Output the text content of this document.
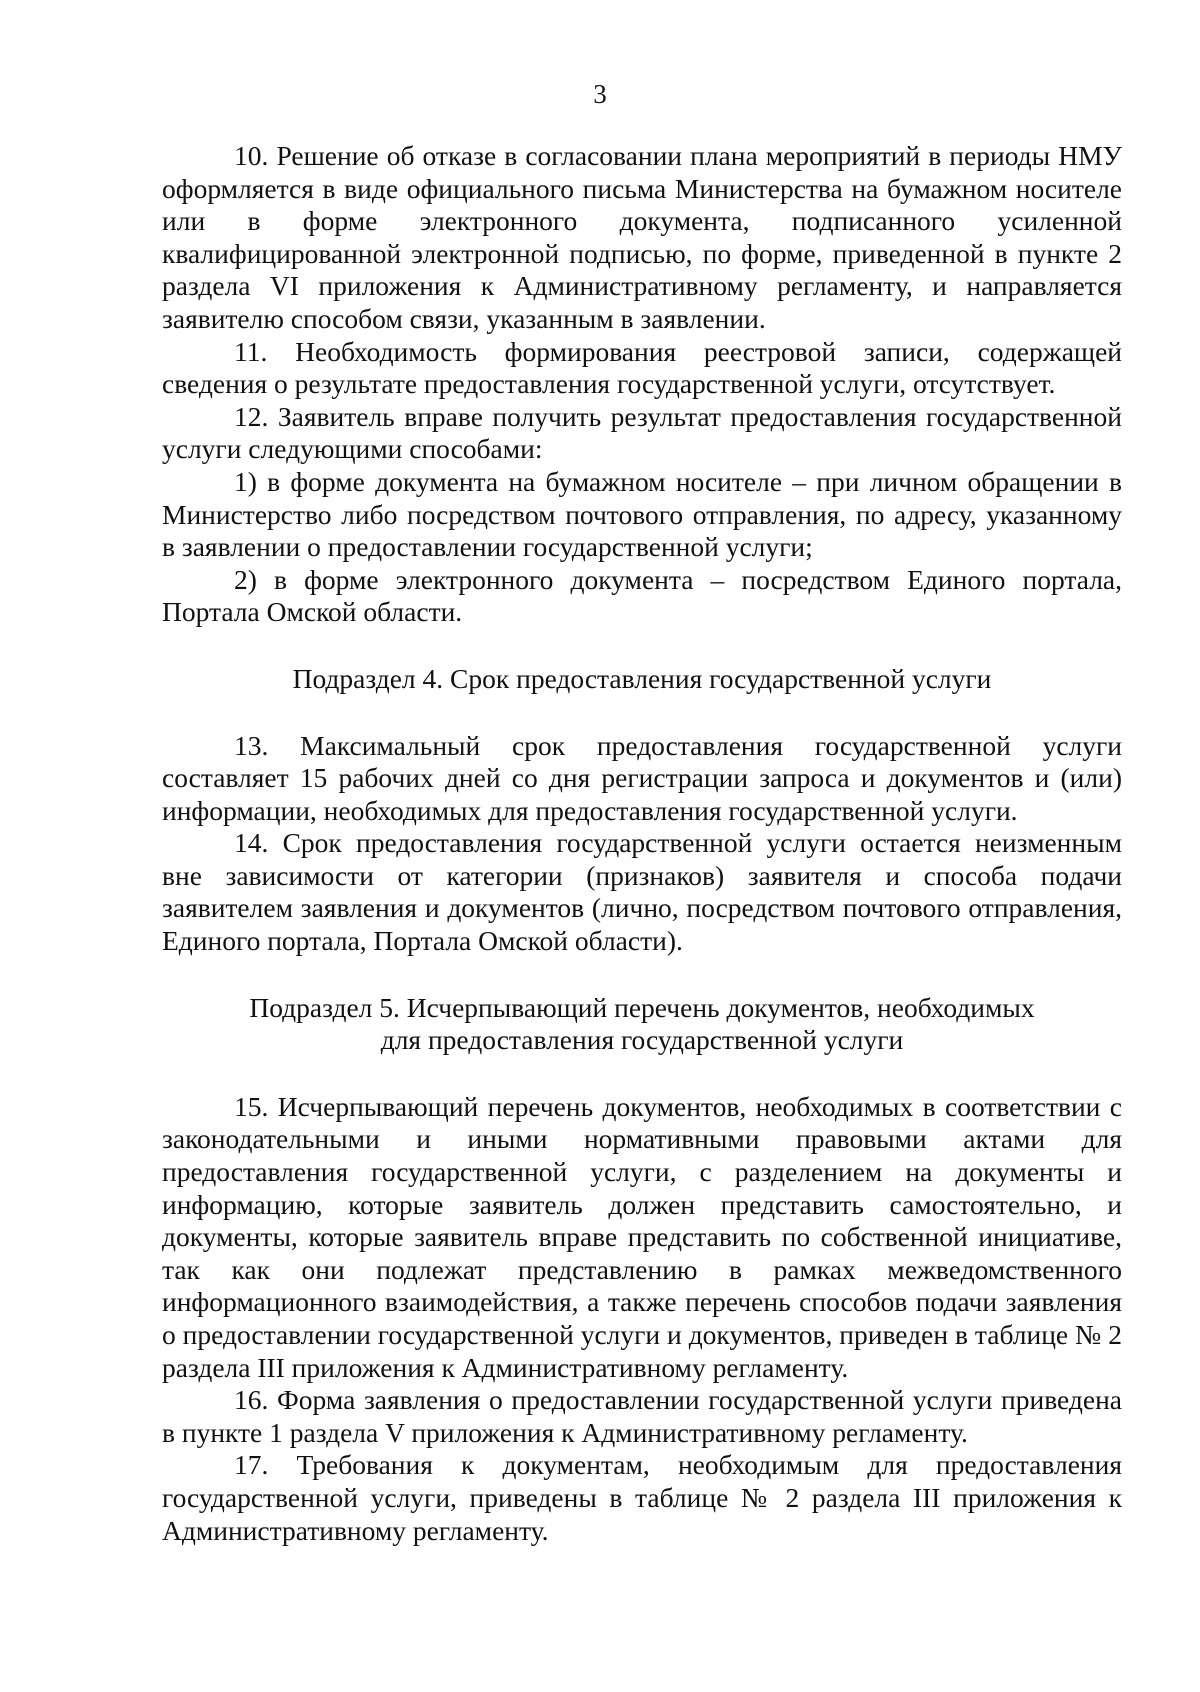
3

10. Решение об отказе в согласовании плана мероприятий в периоды НМУ оформляется в виде официального письма Министерства на бумажном носителе или в форме электронного документа, подписанного усиленной квалифицированной электронной подписью, по форме, приведенной в пункте 2 раздела VI приложения к Административному регламенту, и направляется заявителю способом связи, указанным в заявлении.

11. Необходимость формирования реестровой записи, содержащей сведения о результате предоставления государственной услуги, отсутствует.

12. Заявитель вправе получить результат предоставления государственной услуги следующими способами:

1) в форме документа на бумажном носителе – при личном обращении в Министерство либо посредством почтового отправления, по адресу, указанному в заявлении о предоставлении государственной услуги;

2) в форме электронного документа – посредством Единого портала, Портала Омской области.

Подраздел 4. Срок предоставления государственной услуги

13. Максимальный срок предоставления государственной услуги составляет 15 рабочих дней со дня регистрации запроса и документов и (или) информации, необходимых для предоставления государственной услуги.

14. Срок предоставления государственной услуги остается неизменным вне зависимости от категории (признаков) заявителя и способа подачи заявителем заявления и документов (лично, посредством почтового отправления, Единого портала, Портала Омской области).

Подраздел 5. Исчерпывающий перечень документов, необходимых

для предоставления государственной услуги

15. Исчерпывающий перечень документов, необходимых в соответствии с законодательными и иными нормативными правовыми актами для предоставления государственной услуги, с разделением на документы и информацию, которые заявитель должен представить самостоятельно, и документы, которые заявитель вправе представить по собственной инициативе, так как они подлежат представлению в рамках межведомственного информационного взаимодействия, а также перечень способов подачи заявления о предоставлении государственной услуги и документов, приведен в таблице № 2 раздела III приложения к Административному регламенту.

16. Форма заявления о предоставлении государственной услуги приведена в пункте 1 раздела V приложения к Административному регламенту.

17. Требования к документам, необходимым для предоставления государственной услуги, приведены в таблице № 2 раздела III приложения к Административному регламенту.
